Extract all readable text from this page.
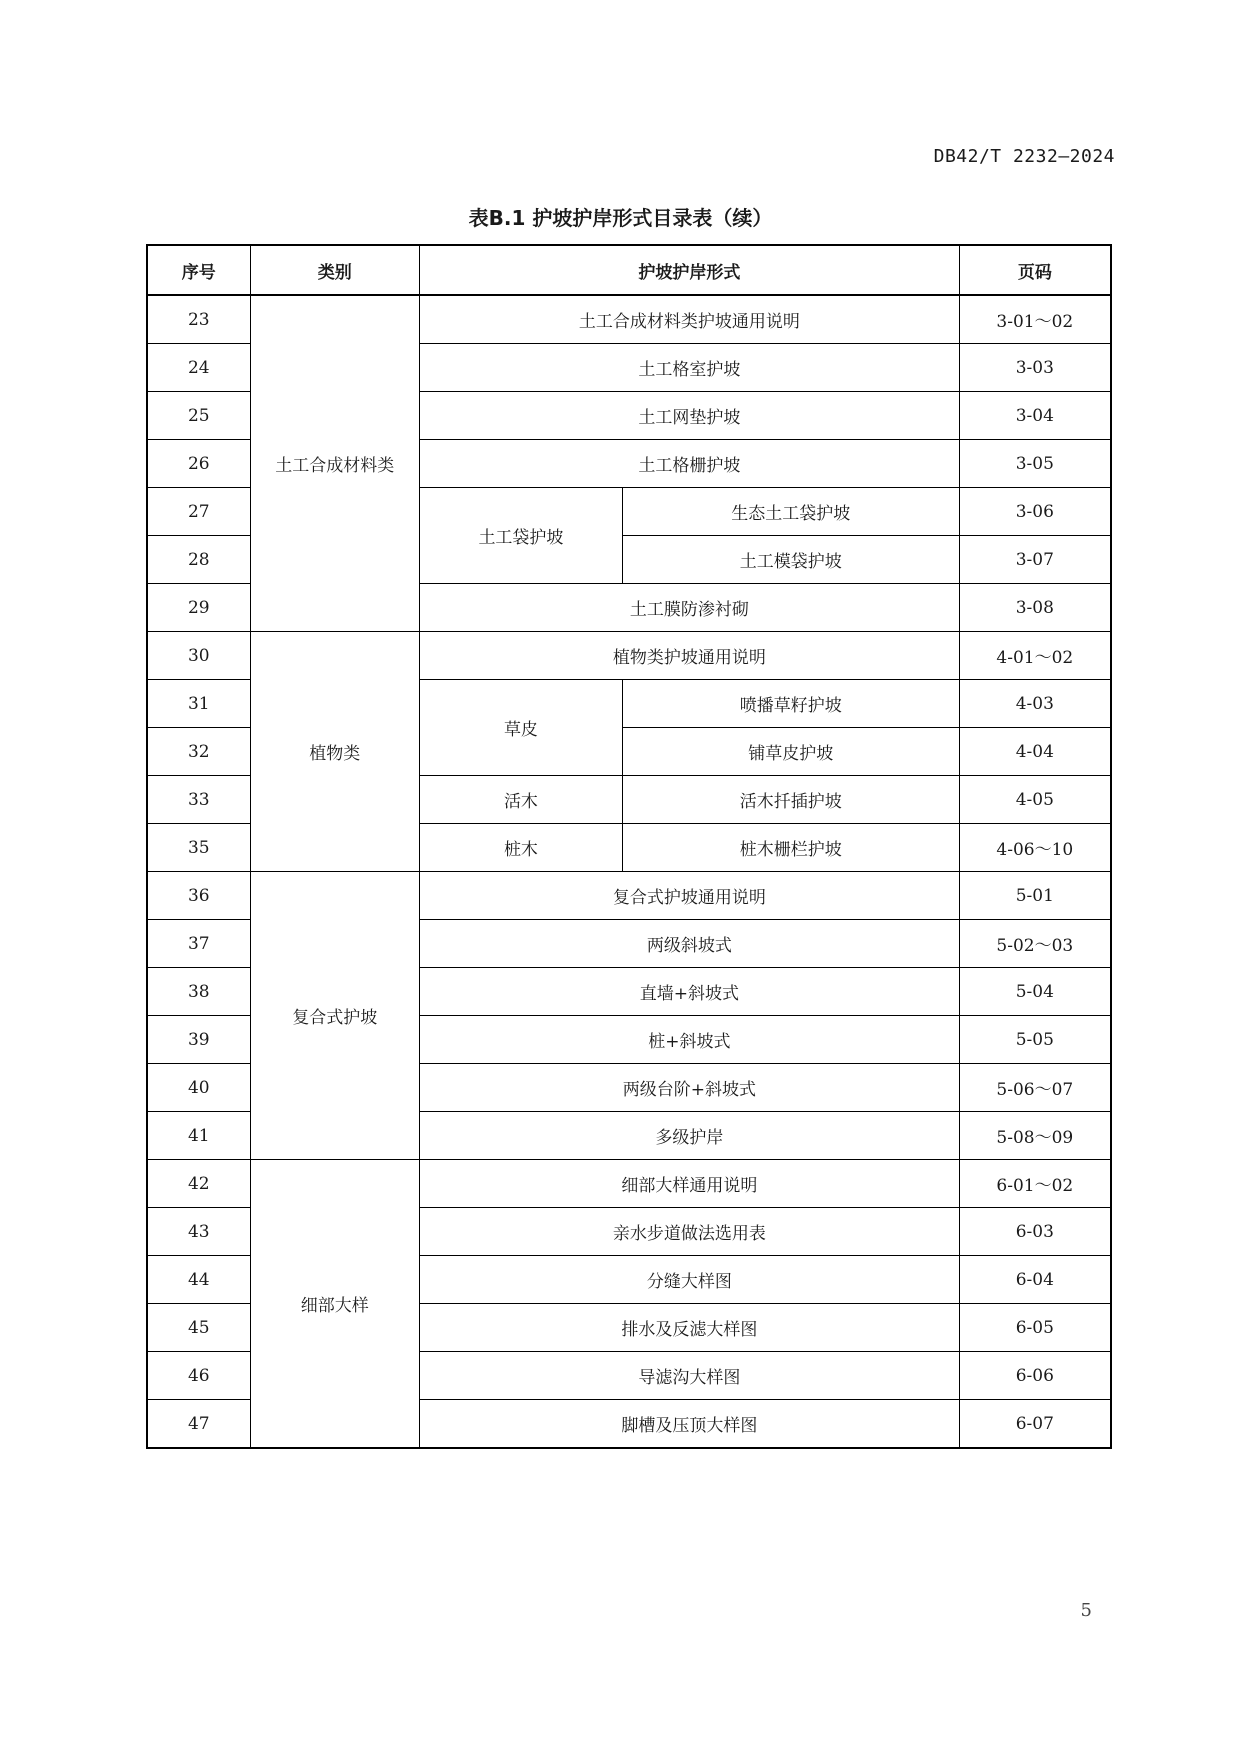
DB42/T 2232—2024
表B.1 护坡护岸形式目录表（续）
序号	类别	护坡护岸形式		页码
23	土工合成材料类	土工合成材料类护坡通用说明		3-01～02
24		土工格室护坡		3-03
25		土工网垫护坡		3-04
26		土工格栅护坡		3-05
27		土工袋护坡	生态土工袋护坡	3-06
28			土工模袋护坡	3-07
29		土工膜防渗衬砌		3-08
30	植物类	植物类护坡通用说明		4-01～02
31		草皮	喷播草籽护坡	4-03
32			铺草皮护坡	4-04
33		活木	活木扦插护坡	4-05
35		桩木	桩木栅栏护坡	4-06～10
36	复合式护坡	复合式护坡通用说明		5-01
37		两级斜坡式		5-02～03
38		直墙+斜坡式		5-04
39		桩+斜坡式		5-05
40		两级台阶+斜坡式		5-06～07
41		多级护岸		5-08～09
42	细部大样	细部大样通用说明		6-01～02
43		亲水步道做法选用表		6-03
44		分缝大样图		6-04
45		排水及反滤大样图		6-05
46		导滤沟大样图		6-06
47		脚槽及压顶大样图		6-07
5
